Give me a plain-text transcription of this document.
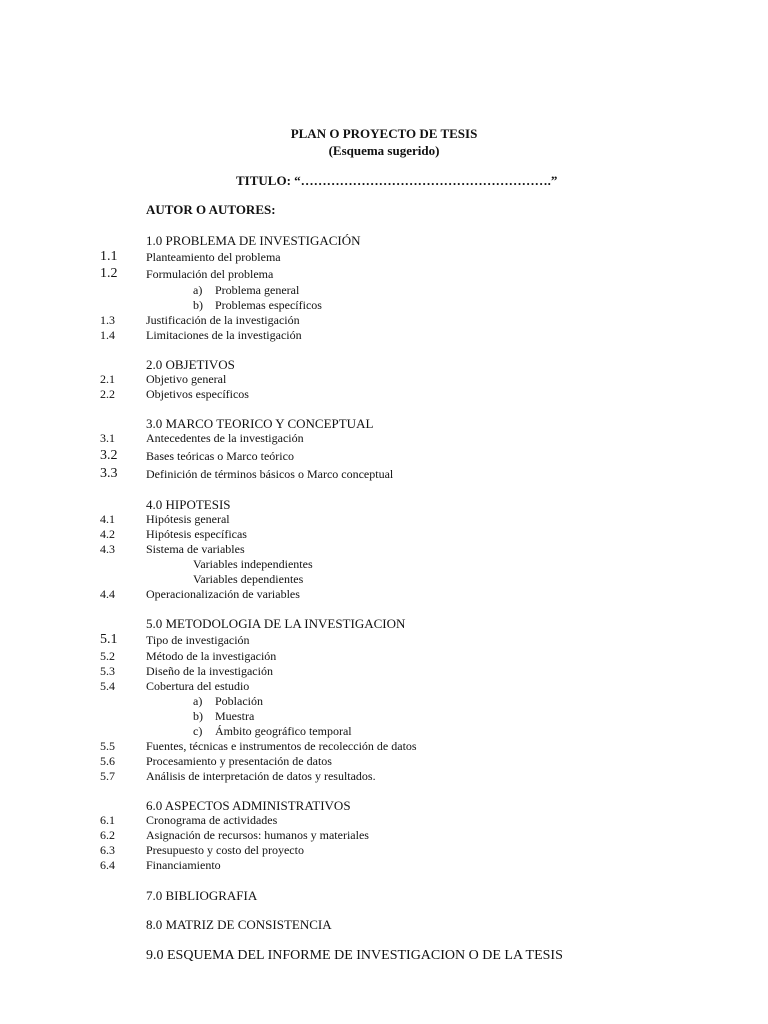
PLAN O PROYECTO DE TESIS
(Esquema sugerido)
TITULO: “………………………………………………….”
AUTOR O AUTORES:
1.0 PROBLEMA DE INVESTIGACIÓN
1.1 Planteamiento del problema
1.2 Formulación del problema
a) Problema general
b) Problemas específicos
1.3	Justificación de la investigación
1.4	Limitaciones de la investigación
2.0 OBJETIVOS
2.1	Objetivo general
2.2	Objetivos específicos
3.0 MARCO TEORICO Y CONCEPTUAL
3.1	Antecedentes de la investigación
3.2 Bases teóricas o Marco teórico
3.3 Definición de términos básicos o Marco conceptual
4.0 HIPOTESIS
4.1	Hipótesis general
4.2	Hipótesis específicas
4.3	Sistema de variables
Variables independientes
Variables dependientes
4.4	Operacionalización de variables
5.0 METODOLOGIA DE LA INVESTIGACION
5.1 Tipo de investigación
5.2	Método de la investigación
5.3	Diseño de la investigación
5.4	Cobertura del estudio
a) Población
b) Muestra
c) Ámbito geográfico temporal
5.5	Fuentes, técnicas e instrumentos de recolección de datos
5.6	Procesamiento y presentación de datos
5.7	Análisis de interpretación de datos y resultados.
6.0 ASPECTOS ADMINISTRATIVOS
6.1	Cronograma de actividades
6.2	Asignación de recursos: humanos y materiales
6.3	Presupuesto y costo del proyecto
6.4	Financiamiento
7.0 BIBLIOGRAFIA
8.0 MATRIZ DE CONSISTENCIA
9.0 ESQUEMA DEL INFORME DE INVESTIGACION O DE LA TESIS
